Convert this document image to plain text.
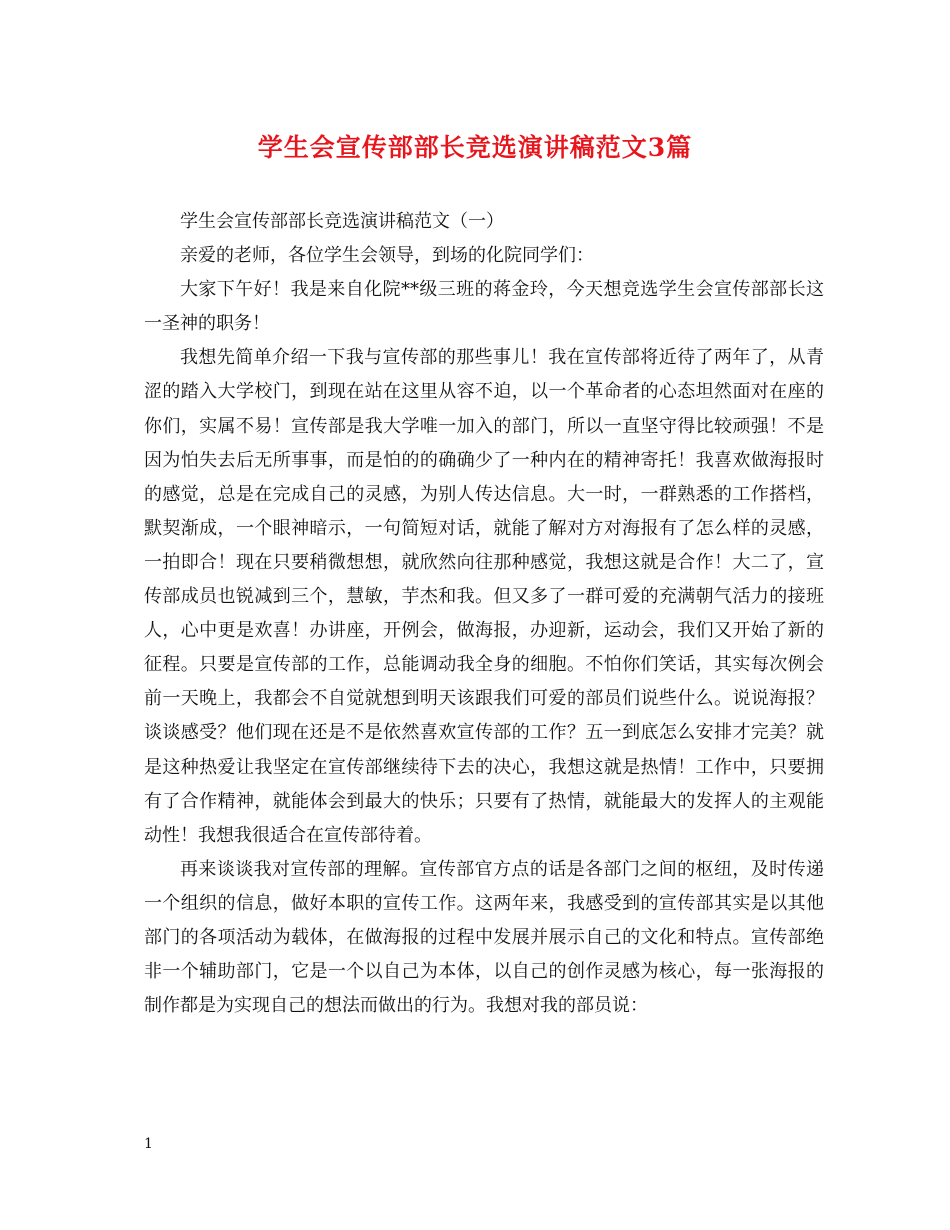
学生会宣传部部长竞选演讲稿范文3篇

学生会宣传部部长竞选演讲稿范文（一）

亲爱的老师，各位学生会领导，到场的化院同学们：

大家下午好！我是来自化院**级三班的蒋金玲，今天想竞选学生会宣传部部长这一圣神的职务！

我想先简单介绍一下我与宣传部的那些事儿！我在宣传部将近待了两年了，从青涩的踏入大学校门，到现在站在这里从容不迫，以一个革命者的心态坦然面对在座的你们，实属不易！宣传部是我大学唯一加入的部门，所以一直坚守得比较顽强！不是因为怕失去后无所事事，而是怕的的确确少了一种内在的精神寄托！我喜欢做海报时的感觉，总是在完成自己的灵感，为别人传达信息。大一时，一群熟悉的工作搭档，默契渐成，一个眼神暗示，一句简短对话，就能了解对方对海报有了怎么样的灵感，一拍即合！现在只要稍微想想，就欣然向往那种感觉，我想这就是合作！大二了，宣传部成员也锐减到三个，慧敏，芋杰和我。但又多了一群可爱的充满朝气活力的接班人，心中更是欢喜！办讲座，开例会，做海报，办迎新，运动会，我们又开始了新的征程。只要是宣传部的工作，总能调动我全身的细胞。不怕你们笑话，其实每次例会前一天晚上，我都会不自觉就想到明天该跟我们可爱的部员们说些什么。说说海报？谈谈感受？他们现在还是不是依然喜欢宣传部的工作？五一到底怎么安排才完美？就是这种热爱让我坚定在宣传部继续待下去的决心，我想这就是热情！工作中，只要拥有了合作精神，就能体会到最大的快乐；只要有了热情，就能最大的发挥人的主观能动性！我想我很适合在宣传部待着。

再来谈谈我对宣传部的理解。宣传部官方点的话是各部门之间的枢纽，及时传递一个组织的信息，做好本职的宣传工作。这两年来，我感受到的宣传部其实是以其他部门的各项活动为载体，在做海报的过程中发展并展示自己的文化和特点。宣传部绝非一个辅助部门，它是一个以自己为本体，以自己的创作灵感为核心，每一张海报的制作都是为实现自己的想法而做出的行为。我想对我的部员说：

1
